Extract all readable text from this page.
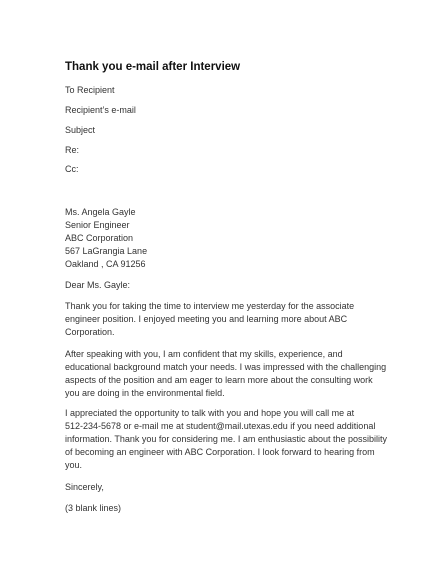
Thank you e-mail after Interview
To Recipient
Recipient’s e-mail
Subject
Re:
Cc:
Ms. Angela Gayle
Senior Engineer
ABC Corporation
567 LaGrangia Lane
Oakland , CA 91256
Dear Ms. Gayle:
Thank you for taking the time to interview me yesterday for the associate
engineer position. I enjoyed meeting you and learning more about ABC
Corporation.
After speaking with you, I am confident that my skills, experience, and
educational background match your needs. I was impressed with the challenging
aspects of the position and am eager to learn more about the consulting work
you are doing in the environmental field.
I appreciated the opportunity to talk with you and hope you will call me at
512-234-5678 or e-mail me at student@mail.utexas.edu if you need additional
information. Thank you for considering me. I am enthusiastic about the possibility
of becoming an engineer with ABC Corporation. I look forward to hearing from
you.
Sincerely,
(3 blank lines)
